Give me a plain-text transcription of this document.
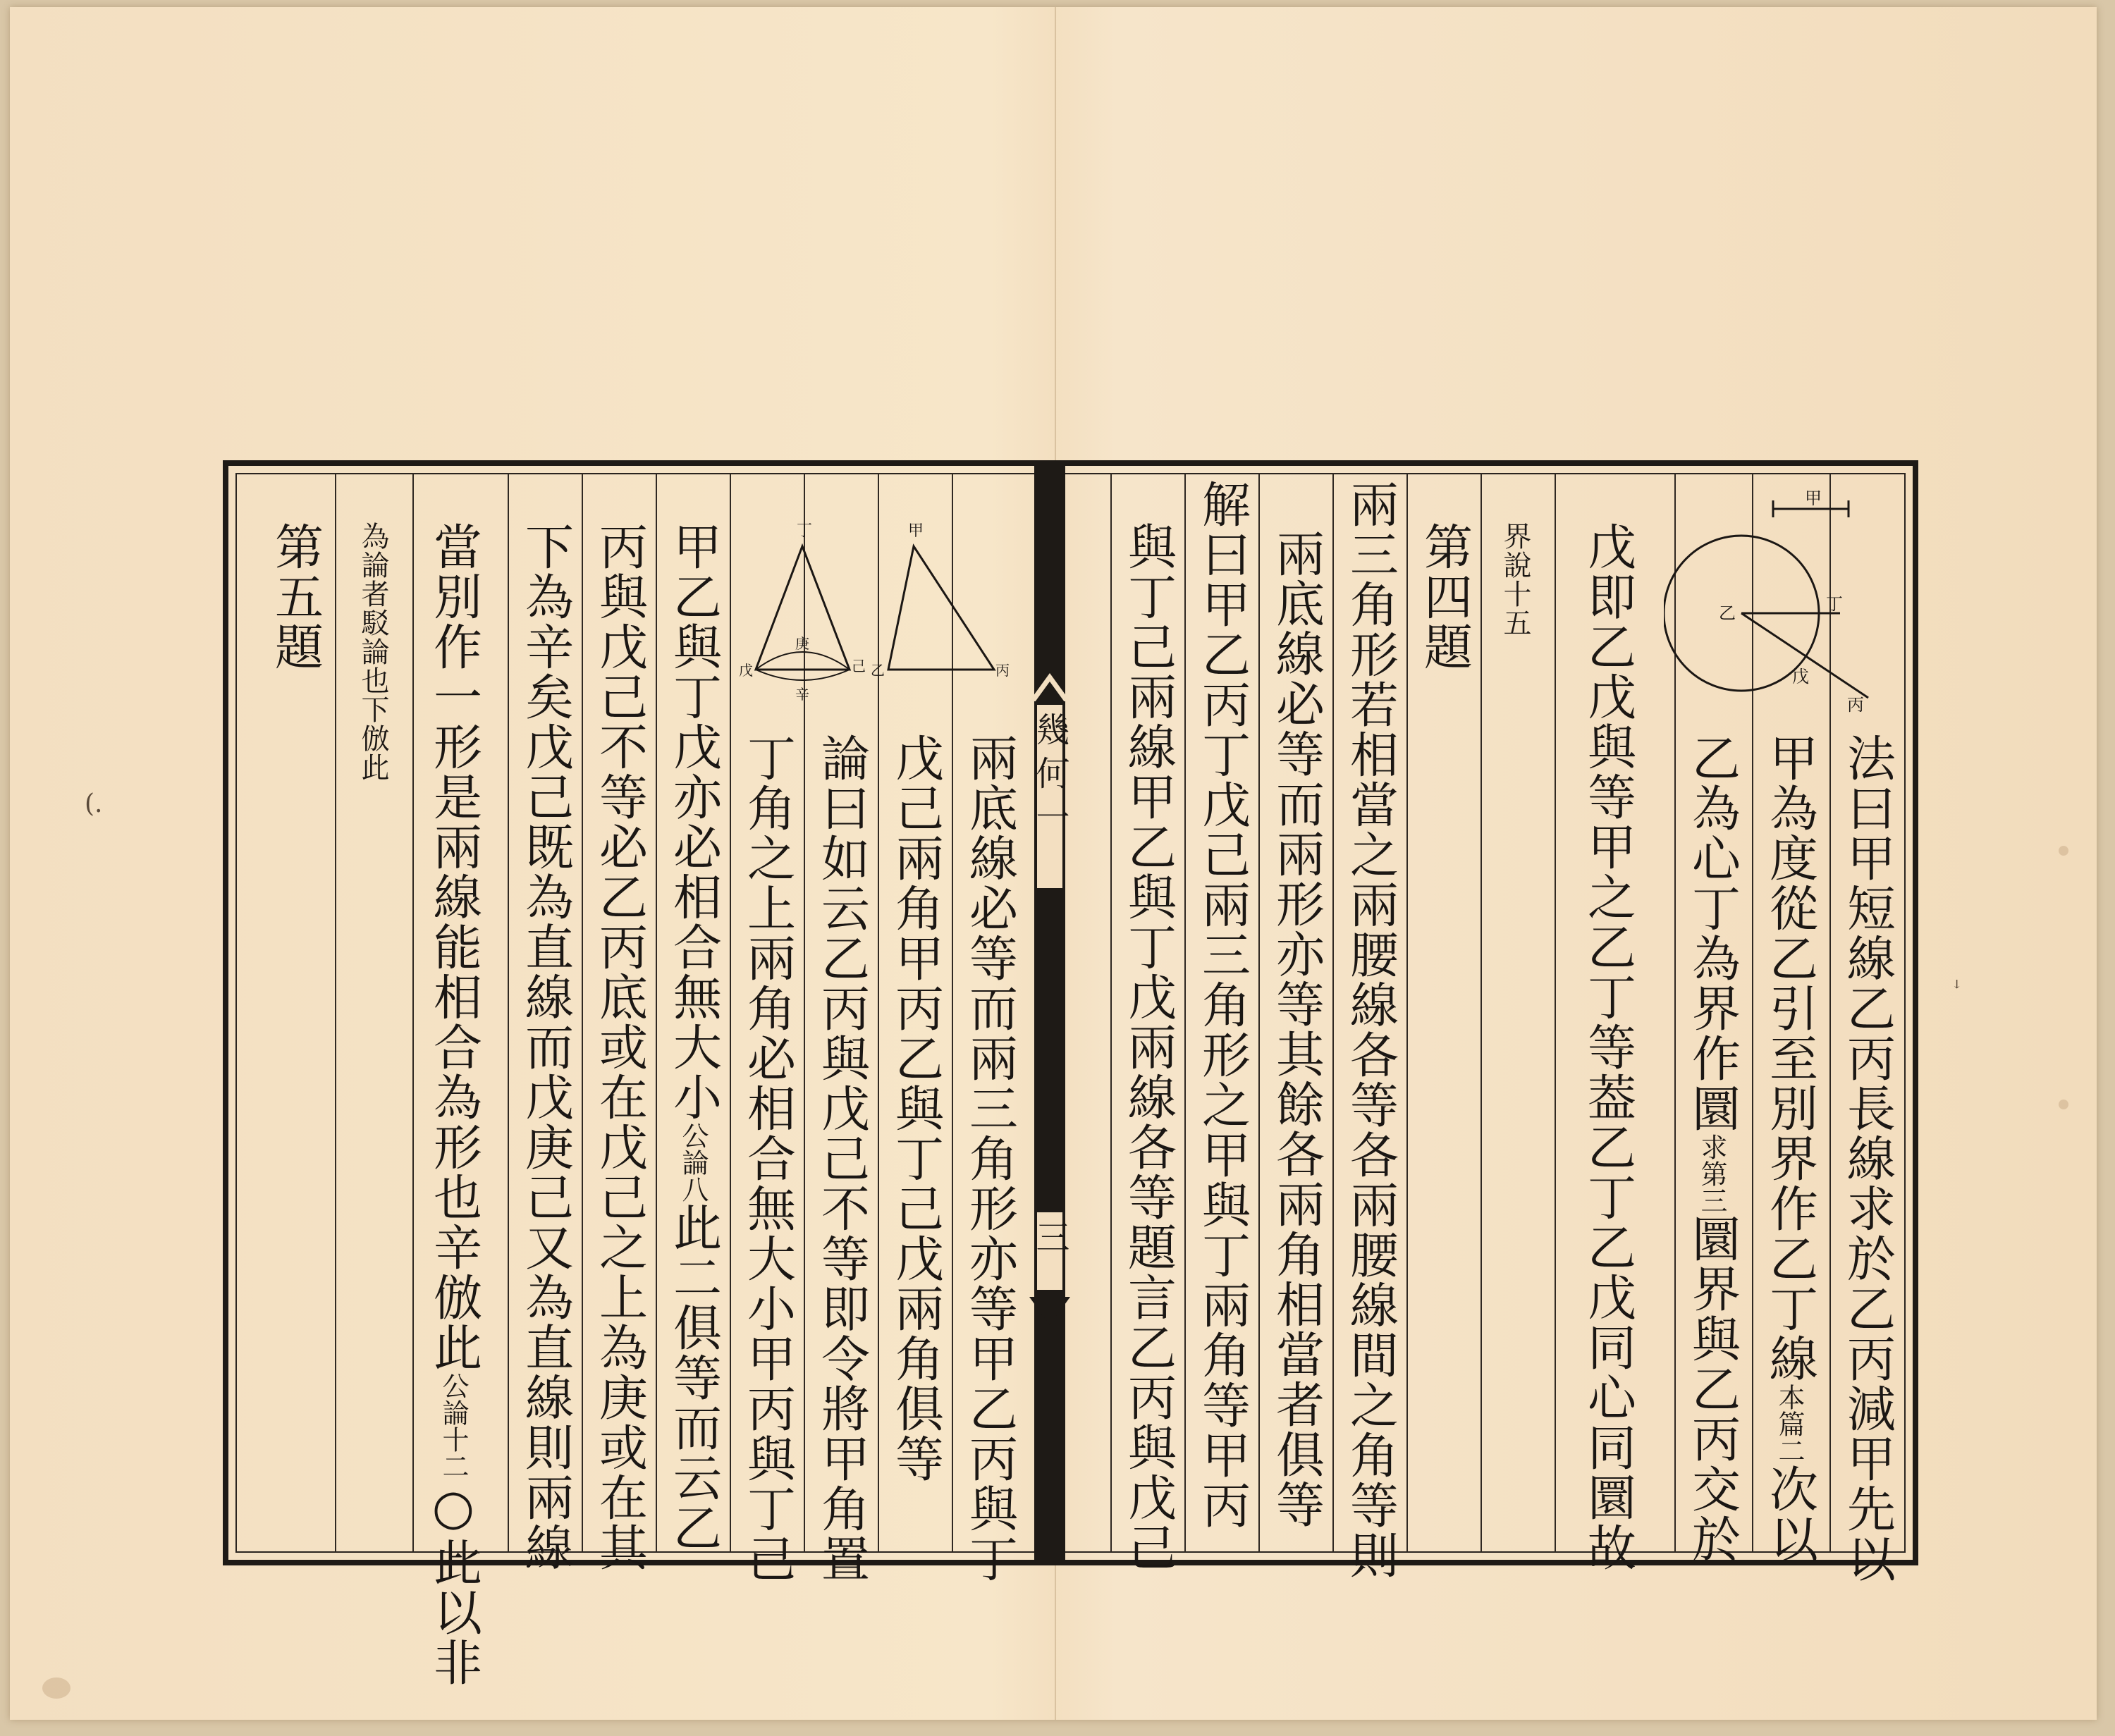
幾何一
三
甲
乙	丁
戊
丙
丁	甲
庚
戊	己
辛
乙	丙
法曰甲短線乙丙長線求於乙丙減甲先以
甲為度從乙引至別界作乙丁線本篇二次以
乙為心丁為界作圜求第三圜界與乙丙交於
戊即乙戊與等甲之乙丁等葢乙丁乙戊同心同圜故
界說十五
第四題
兩三角形若相當之兩腰線各等各兩腰線間之角等則
兩底線必等而兩形亦等其餘各兩角相當者俱等
解曰甲乙丙丁戊己兩三角形之甲與丁兩角等甲丙
與丁己兩線甲乙與丁戊兩線各等題言乙丙與戊己
兩底線必等而兩三角形亦等甲乙丙與丁
戊己兩角甲丙乙與丁己戊兩角俱等
論曰如云乙丙與戊己不等即令將甲角置
丁角之上兩角必相合無大小甲丙與丁己
甲乙與丁戊亦必相合無大小公論八此二俱等而云乙
丙與戊己不等必乙丙底或在戊己之上為庚或在其
下為辛矣戊己既為直線而戊庚己又為直線則兩線
當別作一形是兩線能相合為形也辛倣此公論十二○此以非
為論者駁論也下倣此
第五題
(.
ꜜ
